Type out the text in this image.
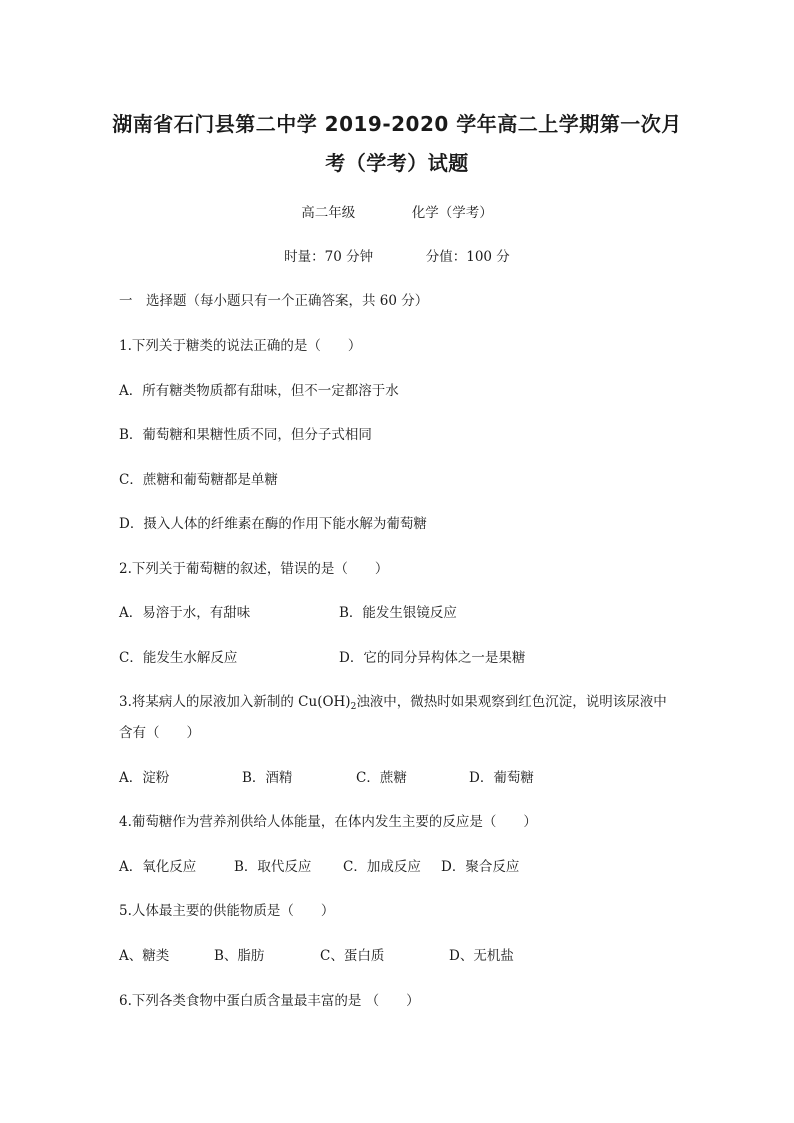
湖南省石门县第二中学 2019-2020 学年高二上学期第一次月
考（学考）试题
高二年级	化学（学考）
时量：70 分钟	分值：100 分
一　选择题（每小题只有一个正确答案，共 60 分）
1.下列关于糖类的说法正确的是（　　）
A．所有糖类物质都有甜味，但不一定都溶于水
B．葡萄糖和果糖性质不同，但分子式相同
C．蔗糖和葡萄糖都是单糖
D．摄入人体的纤维素在酶的作用下能水解为葡萄糖
2.下列关于葡萄糖的叙述，错误的是（　　）
A．易溶于水，有甜味	B．能发生银镜反应
C．能发生水解反应	D．它的同分异构体之一是果糖
3.将某病人的尿液加入新制的 $Cu(OH)_2$浊液中，微热时如果观察到红色沉淀，说明该尿液中
含有（　　）
A．淀粉	B．酒精	C．蔗糖	D．葡萄糖
4.葡萄糖作为营养剂供给人体能量，在体内发生主要的反应是（　　）
A．氧化反应	B．取代反应 C．加成反应 D．聚合反应
5.人体最主要的供能物质是（　　）
A、糖类	B、脂肪	C、蛋白质	D、无机盐
6.下列各类食物中蛋白质含量最丰富的是 （　　）
